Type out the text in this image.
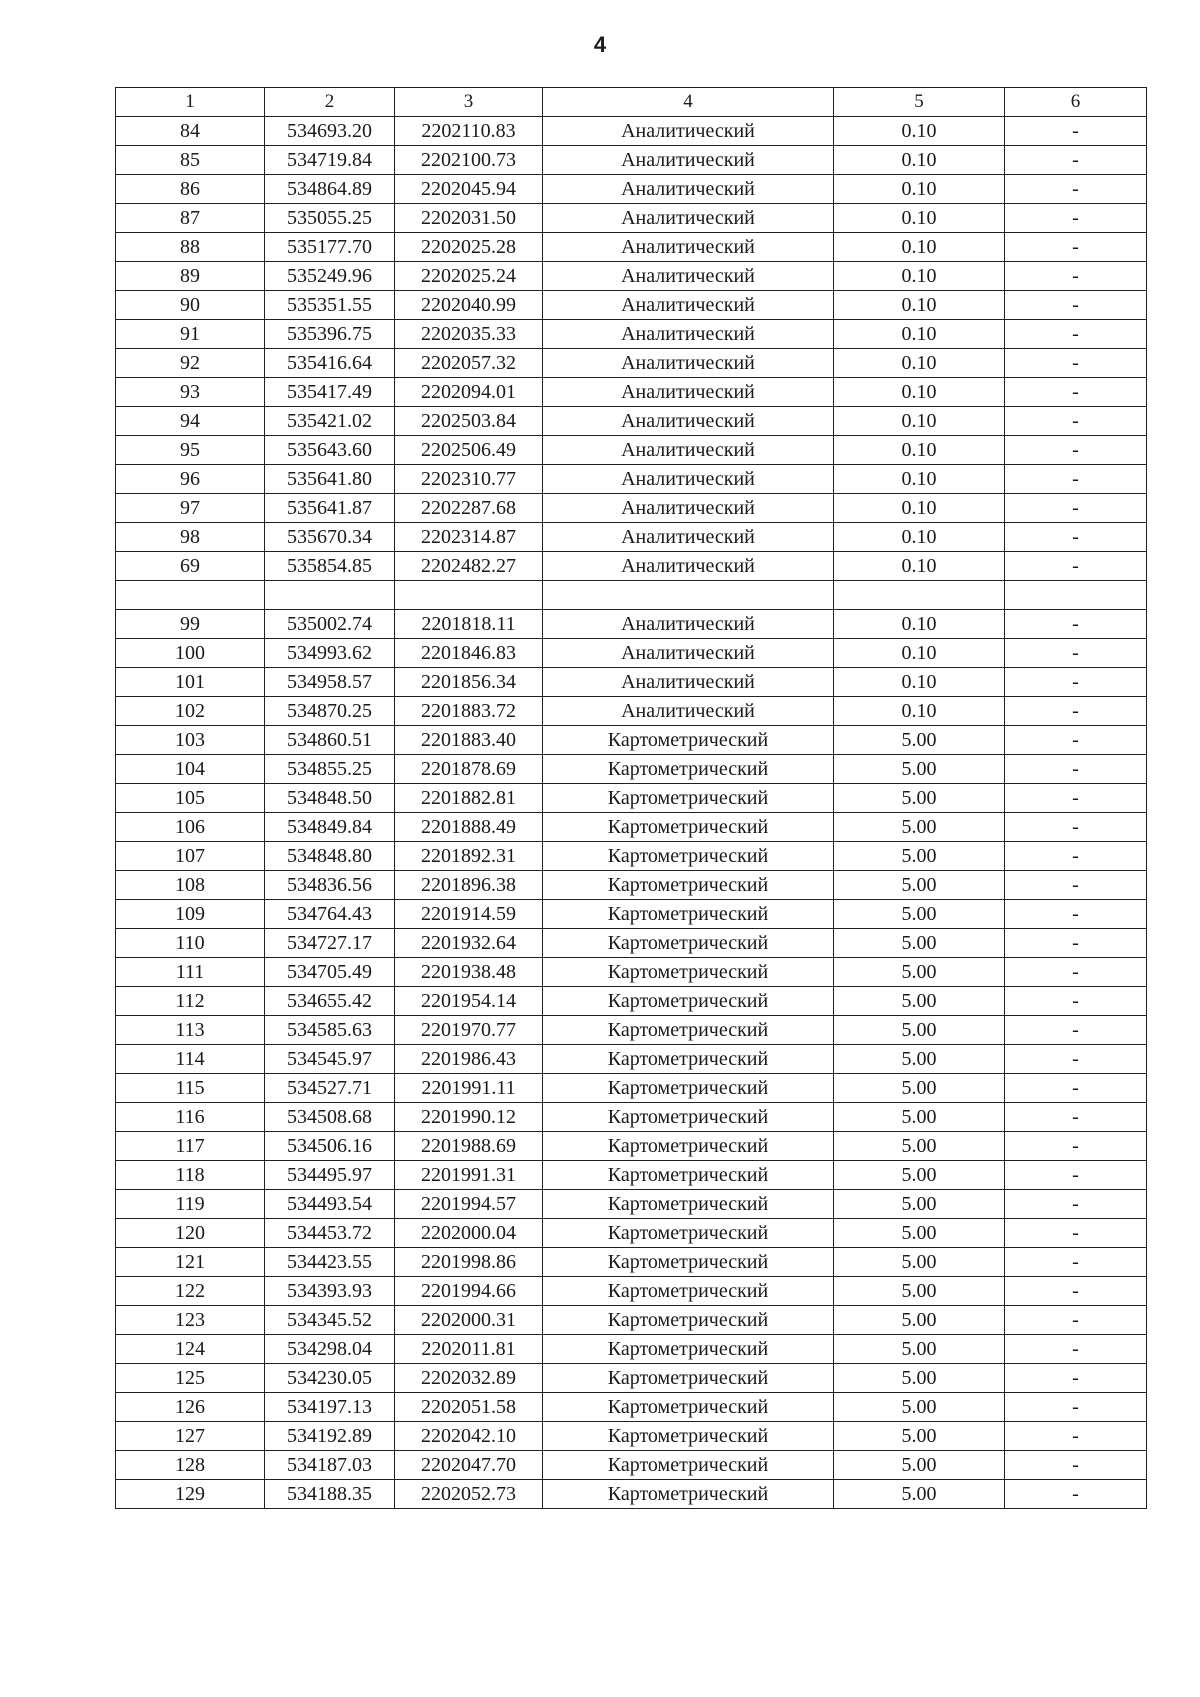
4
1	2	3	4	5	6
84	534693.20	2202110.83	Аналитический	0.10	-
85	534719.84	2202100.73	Аналитический	0.10	-
86	534864.89	2202045.94	Аналитический	0.10	-
87	535055.25	2202031.50	Аналитический	0.10	-
88	535177.70	2202025.28	Аналитический	0.10	-
89	535249.96	2202025.24	Аналитический	0.10	-
90	535351.55	2202040.99	Аналитический	0.10	-
91	535396.75	2202035.33	Аналитический	0.10	-
92	535416.64	2202057.32	Аналитический	0.10	-
93	535417.49	2202094.01	Аналитический	0.10	-
94	535421.02	2202503.84	Аналитический	0.10	-
95	535643.60	2202506.49	Аналитический	0.10	-
96	535641.80	2202310.77	Аналитический	0.10	-
97	535641.87	2202287.68	Аналитический	0.10	-
98	535670.34	2202314.87	Аналитический	0.10	-
69	535854.85	2202482.27	Аналитический	0.10	-

99	535002.74	2201818.11	Аналитический	0.10	-
100	534993.62	2201846.83	Аналитический	0.10	-
101	534958.57	2201856.34	Аналитический	0.10	-
102	534870.25	2201883.72	Аналитический	0.10	-
103	534860.51	2201883.40	Картометрический	5.00	-
104	534855.25	2201878.69	Картометрический	5.00	-
105	534848.50	2201882.81	Картометрический	5.00	-
106	534849.84	2201888.49	Картометрический	5.00	-
107	534848.80	2201892.31	Картометрический	5.00	-
108	534836.56	2201896.38	Картометрический	5.00	-
109	534764.43	2201914.59	Картометрический	5.00	-
110	534727.17	2201932.64	Картометрический	5.00	-
111	534705.49	2201938.48	Картометрический	5.00	-
112	534655.42	2201954.14	Картометрический	5.00	-
113	534585.63	2201970.77	Картометрический	5.00	-
114	534545.97	2201986.43	Картометрический	5.00	-
115	534527.71	2201991.11	Картометрический	5.00	-
116	534508.68	2201990.12	Картометрический	5.00	-
117	534506.16	2201988.69	Картометрический	5.00	-
118	534495.97	2201991.31	Картометрический	5.00	-
119	534493.54	2201994.57	Картометрический	5.00	-
120	534453.72	2202000.04	Картометрический	5.00	-
121	534423.55	2201998.86	Картометрический	5.00	-
122	534393.93	2201994.66	Картометрический	5.00	-
123	534345.52	2202000.31	Картометрический	5.00	-
124	534298.04	2202011.81	Картометрический	5.00	-
125	534230.05	2202032.89	Картометрический	5.00	-
126	534197.13	2202051.58	Картометрический	5.00	-
127	534192.89	2202042.10	Картометрический	5.00	-
128	534187.03	2202047.70	Картометрический	5.00	-
129	534188.35	2202052.73	Картометрический	5.00	-
